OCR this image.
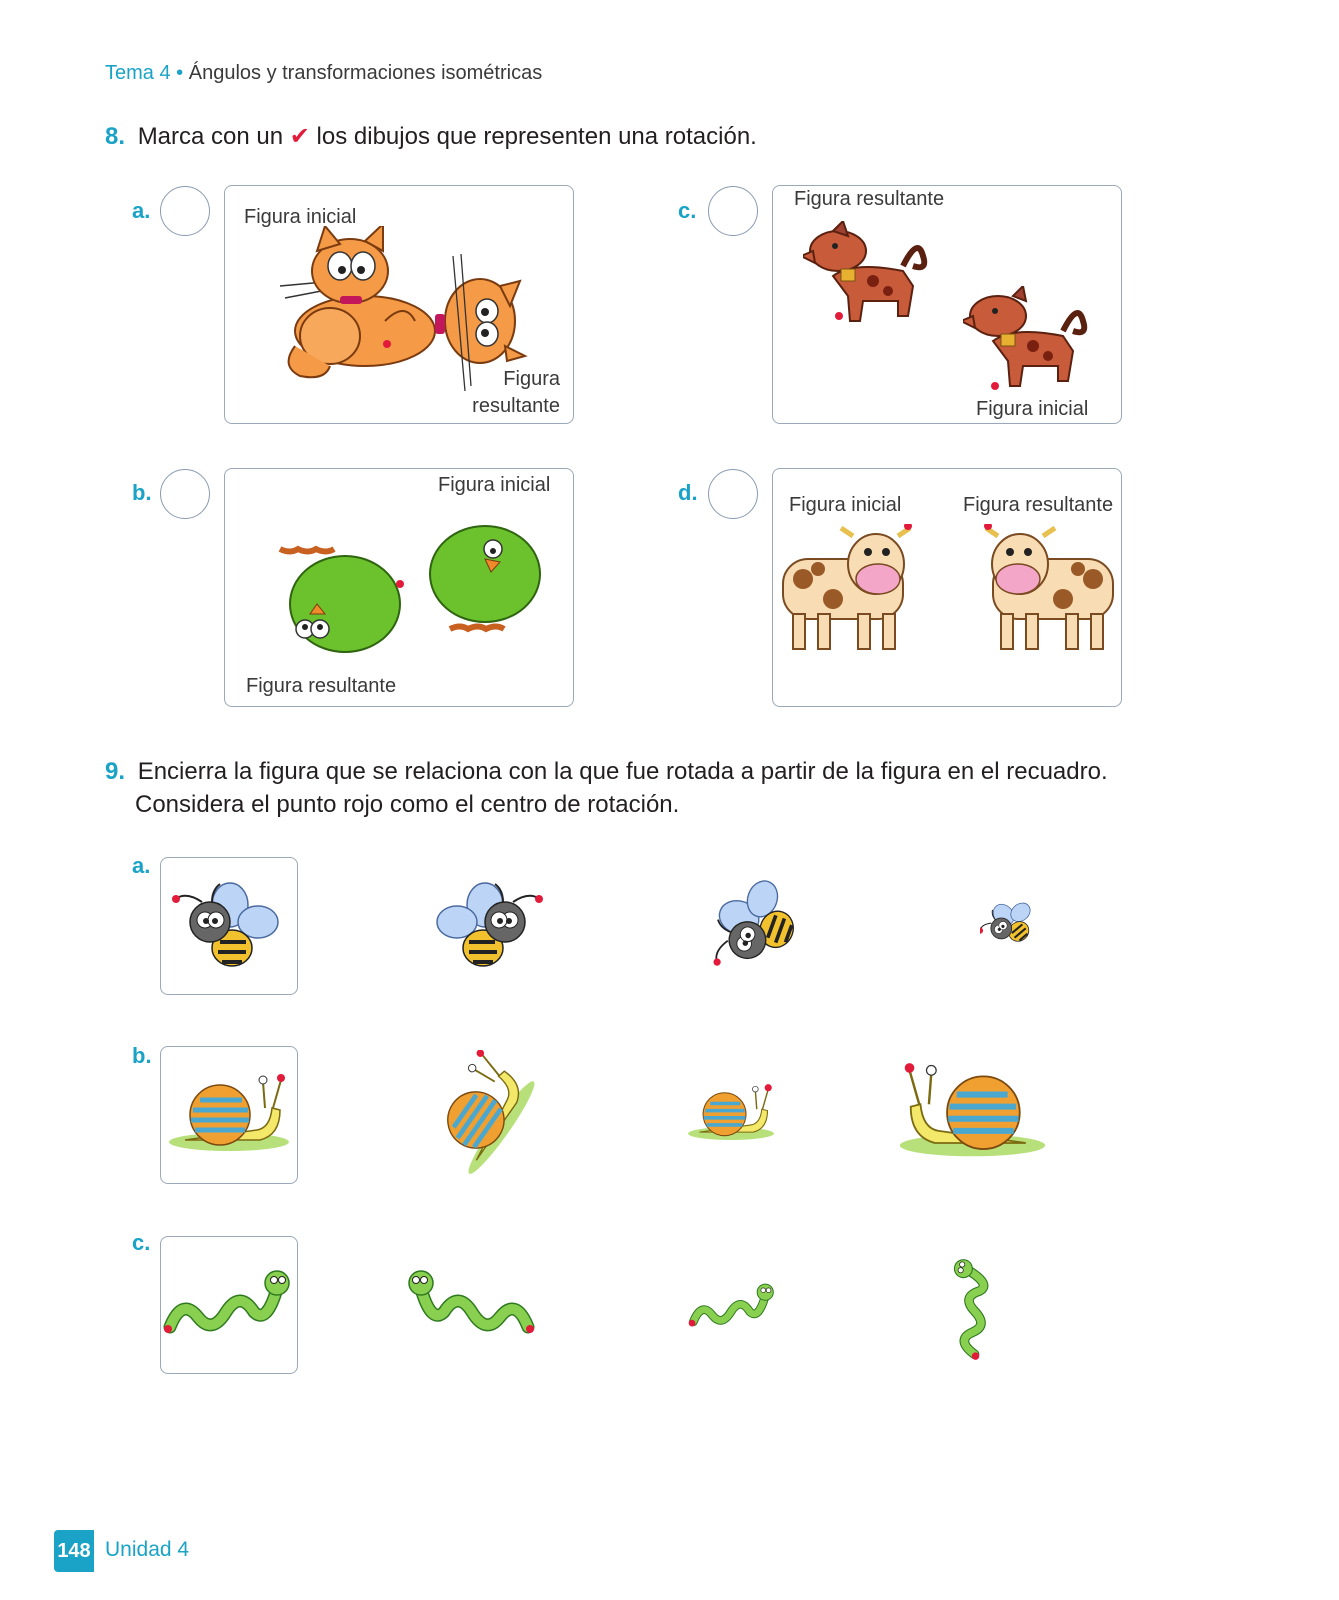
Tema 4 • Ángulos y transformaciones isométricas
8. Marca con un ✔ los dibujos que representen una rotación.
a.	Figura inicial
Figura resultante
c.	Figura resultante
Figura inicial
b.	Figura inicial
Figura resultante
d.	Figura inicial	Figura resultante
9. Encierra la figura que se relaciona con la que fue rotada a partir de la figura en el recuadro.
Considera el punto rojo como el centro de rotación.
a.
b.
c.
148 Unidad 4
